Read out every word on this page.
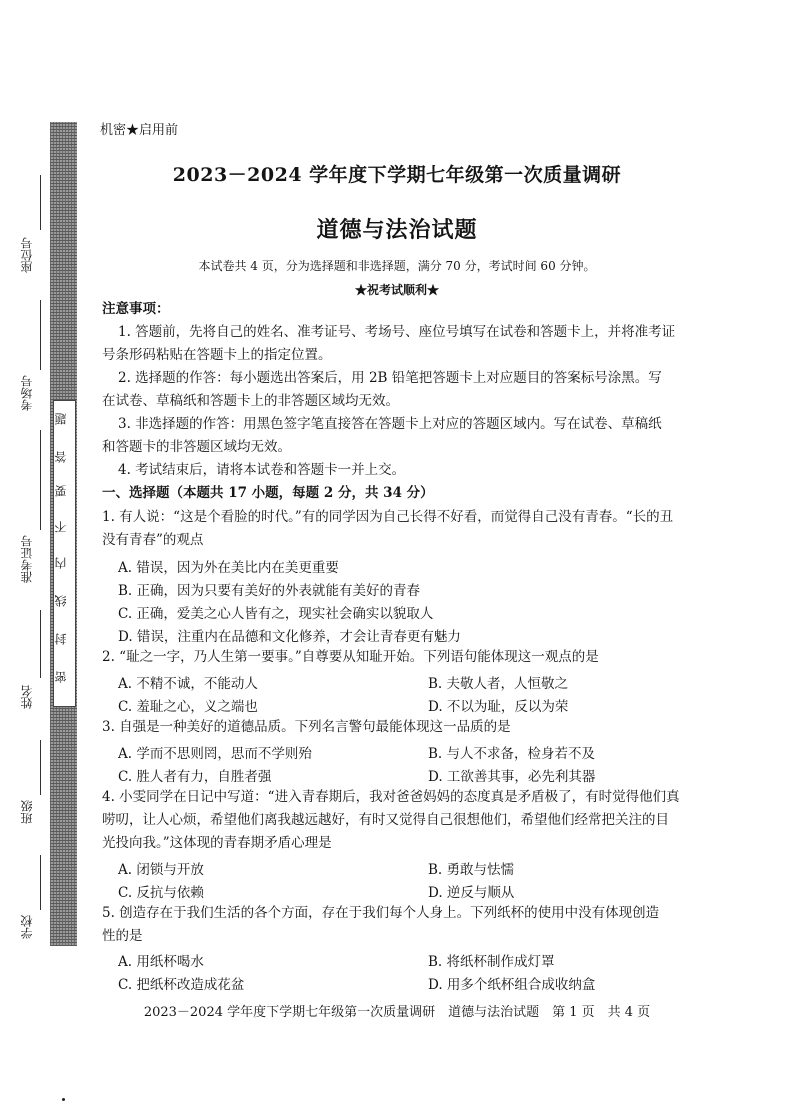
密
封
线
内
不
要
答
题
座位号
考场号
准考证号
姓名
班级
学校
机密★启用前
2023－2024 学年度下学期七年级第一次质量调研
道德与法治试题
本试卷共 4 页，分为选择题和非选择题，满分 70 分，考试时间 60 分钟。
★祝考试顺利★
注意事项：
1. 答题前，先将自己的姓名、准考证号、考场号、座位号填写在试卷和答题卡上，并将准考证
号条形码粘贴在答题卡上的指定位置。
2. 选择题的作答：每小题选出答案后，用 2B 铅笔把答题卡上对应题目的答案标号涂黑。写
在试卷、草稿纸和答题卡上的非答题区域均无效。
3. 非选择题的作答：用黑色签字笔直接答在答题卡上对应的答题区域内。写在试卷、草稿纸
和答题卡的非答题区域均无效。
4. 考试结束后，请将本试卷和答题卡一并上交。
一、选择题（本题共 17 小题，每题 2 分，共 34 分）
1. 有人说：“这是个看脸的时代。”有的同学因为自己长得不好看，而觉得自己没有青春。“长的丑
没有青春”的观点
A. 错误，因为外在美比内在美更重要
B. 正确，因为只要有美好的外表就能有美好的青春
C. 正确，爱美之心人皆有之，现实社会确实以貌取人
D. 错误，注重内在品德和文化修养，才会让青春更有魅力
2. “耻之一字，乃人生第一要事。”自尊要从知耻开始。下列语句能体现这一观点的是
A. 不精不诚，不能动人	B. 夫敬人者，人恒敬之
C. 羞耻之心，义之端也	D. 不以为耻，反以为荣
3. 自强是一种美好的道德品质。下列名言警句最能体现这一品质的是
A. 学而不思则罔，思而不学则殆	B. 与人不求备，检身若不及
C. 胜人者有力，自胜者强	D. 工欲善其事，必先利其器
4. 小雯同学在日记中写道：“进入青春期后，我对爸爸妈妈的态度真是矛盾极了，有时觉得他们真
唠叨，让人心烦，希望他们离我越远越好，有时又觉得自己很想他们，希望他们经常把关注的目
光投向我。”这体现的青春期矛盾心理是
A. 闭锁与开放	B. 勇敢与怯懦
C. 反抗与依赖	D. 逆反与顺从
5. 创造存在于我们生活的各个方面，存在于我们每个人身上。下列纸杯的使用中没有体现创造
性的是
A. 用纸杯喝水	B. 将纸杯制作成灯罩
C. 把纸杯改造成花盆	D. 用多个纸杯组合成收纳盒
2023－2024 学年度下学期七年级第一次质量调研　道德与法治试题　第 1 页　共 4 页
